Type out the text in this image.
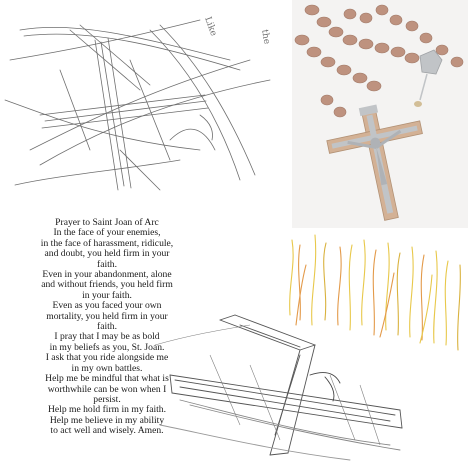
Like	the
Prayer to Saint Joan of Arc
In the face of your enemies,
in the face of harassment, ridicule,
and doubt, you held firm in your
faith.
Even in your abandonment, alone
and without friends, you held firm
in your faith.
Even as you faced your own
mortality, you held firm in your
faith.
I pray that I may be as bold
in my beliefs as you, St. Joan.
I ask that you ride alongside me
in my own battles.
Help me be mindful that what is
worthwhile can be won when I
persist.
Help me hold firm in my faith.
Help me believe in my ability
to act well and wisely. Amen.
